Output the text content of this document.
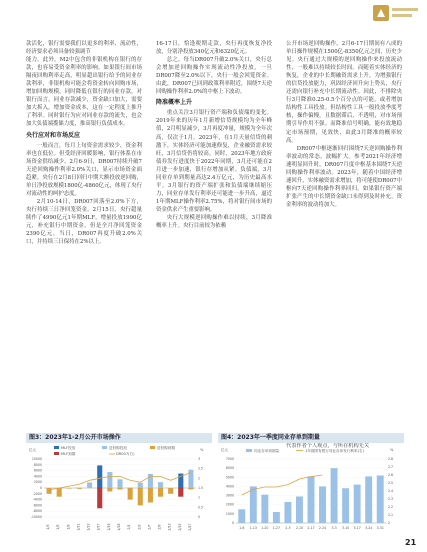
款活化，银行需要我们以更多的利率、流动性，经济要求必须具备较强调节

能力。此外，M2中包含的非银机构在银行的存款，也容易受资金利率的影响。如果银行间市场隔夜回购利率走高，明显超出银行给予的同业存款利率，非银机构可能会将资金转向回购市场，增加回购规模，同时降低在银行的同业存款，对银行而言，同业存款减少，资金缺口加大，需要加大拆入，增加资金成本，这在一定程度上推升了利率。同时银行为应对同业存款的流失，也会加大负债端揽储力度，推高银行负债成本。

央行应对和市场反应

一般而言，每月上旬资金需求较少，资金利率也在低位。但受经济回暖影响，银行体系在市场资金供给减少。2月6-9日，DR007持续升破7天逆回购操作利率2.0%关口，显示市场资金面趋紧。央行在2月8日回归中期大额投放逆回购，单日净投放规模1800亿-4860亿元，体现了央行对流动性的呵护态度。

2月10-14日，DR007回落至2.0%下方，央行持续三日净回笼资金。2月15日，央行超量续作了4990亿元1年期MLF，增量投放1990亿元，补充银行中期资金。但是全月净回笼资金2390亿元，当日，DR007再度升破2.0%关口，并持续三日保持在2%以上。

16-17日，恰逢税期走款，央行再度恢复净投放，分别净投放340亿元和6320亿元。

总之，每当DR007升破2.0%关口，央行总会增加逆回购操作实现流动性净投放，一旦DR007降至2.0%以下，央行一般会回笼资金。由此，DR007已回到政策利率附近，围绕7天逆回购操作利率2.0%的中枢上下波动。

降准概率上升

重点关注3月银行资产端和负债端的变化。2019年来的历年1月新增信贷规模均为全年峰值，2月明显减少，3月再度冲量，规模为全年次高，仅次于1月。2023年，在1月天量信贷的刺激下，实体经济可能加速修复，企业融资需求较旺，3月信贷仍将较高。同时，2023年地方政府债券发行进度快于2022年同期，3月还可能在2月进一步加速，银行存增加从紧。负债端，3月同业存单到期量高达2.4万亿元，为历史最高水平。3月银行的资产端扩张和负债端继续缩压力，同业存单发行利率还可能进一步升高，逼近1年期MLF操作利率2.75%，将对银行间市场的资金供求产生重要影响。

央行大规模逆回购操作难以持续，3月降准概率上升。央行目前较为依赖

公开市场逆回购操作，2月6-17日期间有八成的单日操作规模在1500亿-8350亿元之间，历史少见。央行通过大规模的逆回购操作来投放流动性，一般难以持续较长时间。而随着实体经济的恢复，企业的中长期融资需求上升，为增强银行的信贷投放能力，巩固经济回升向上势头，央行还需向银行补充中长期流动性。因此，不排除央行3月降准0.25-0.5个百分点的可能，或者增加结构性工具投放。但结构性工具一般投放季度考核，操作偏慢，且数据滞后，不透明，对市场预期引导作用不强。而降准信号明确，能有效地稳定市场预期，见效快，由此3月降准的概率较高。

DR007中枢逐渐回归围绕7天逆回购操作利率波动的常态，波幅扩大。参考2021年经济增速明显回升时，DR007月度中枢基本围绕7天逆回购操作利率波动。2023年，随着中国经济增速回升，实体融资需求增加，将可能使DR007中枢向7天逆回购操作利率回归。如果银行资产端扩张产生的中长期资金缺口未得到及时补充，资金利率的波动将加大。

代表作者个人观点，与所在机构无关
图3：2023年1-2月公开市场操作
亿元	%
MLF投放	逆回购投放	逆回购到期
MLF到期	DR007(右)
10000
8000
6000
4000
2000
0
-2000
-4000
-6000
-8000
-10000
3
2.5
2
1.5
1
0.5
0
1/3 1/5 1/9 1/11 1/13 1/17 1/19 1/28 2/1 2/3 2/7 2/9 2/13 2/15 2/17
图4：2023年一季度同业存单到期量
亿元	%
同业存单到期量	1年期国有银行同业存单发行利率(右)
7000
6000
5000
4000
3000
2000
1000
0
2.8
2.7
2.6
2.5
2.4
2.3
2.2
2.1
2
1-6 1-13 1-20 1-27 2-3 2-10 2-17 2-24 3-3 3-10 3-17 3-24 3-31
21
